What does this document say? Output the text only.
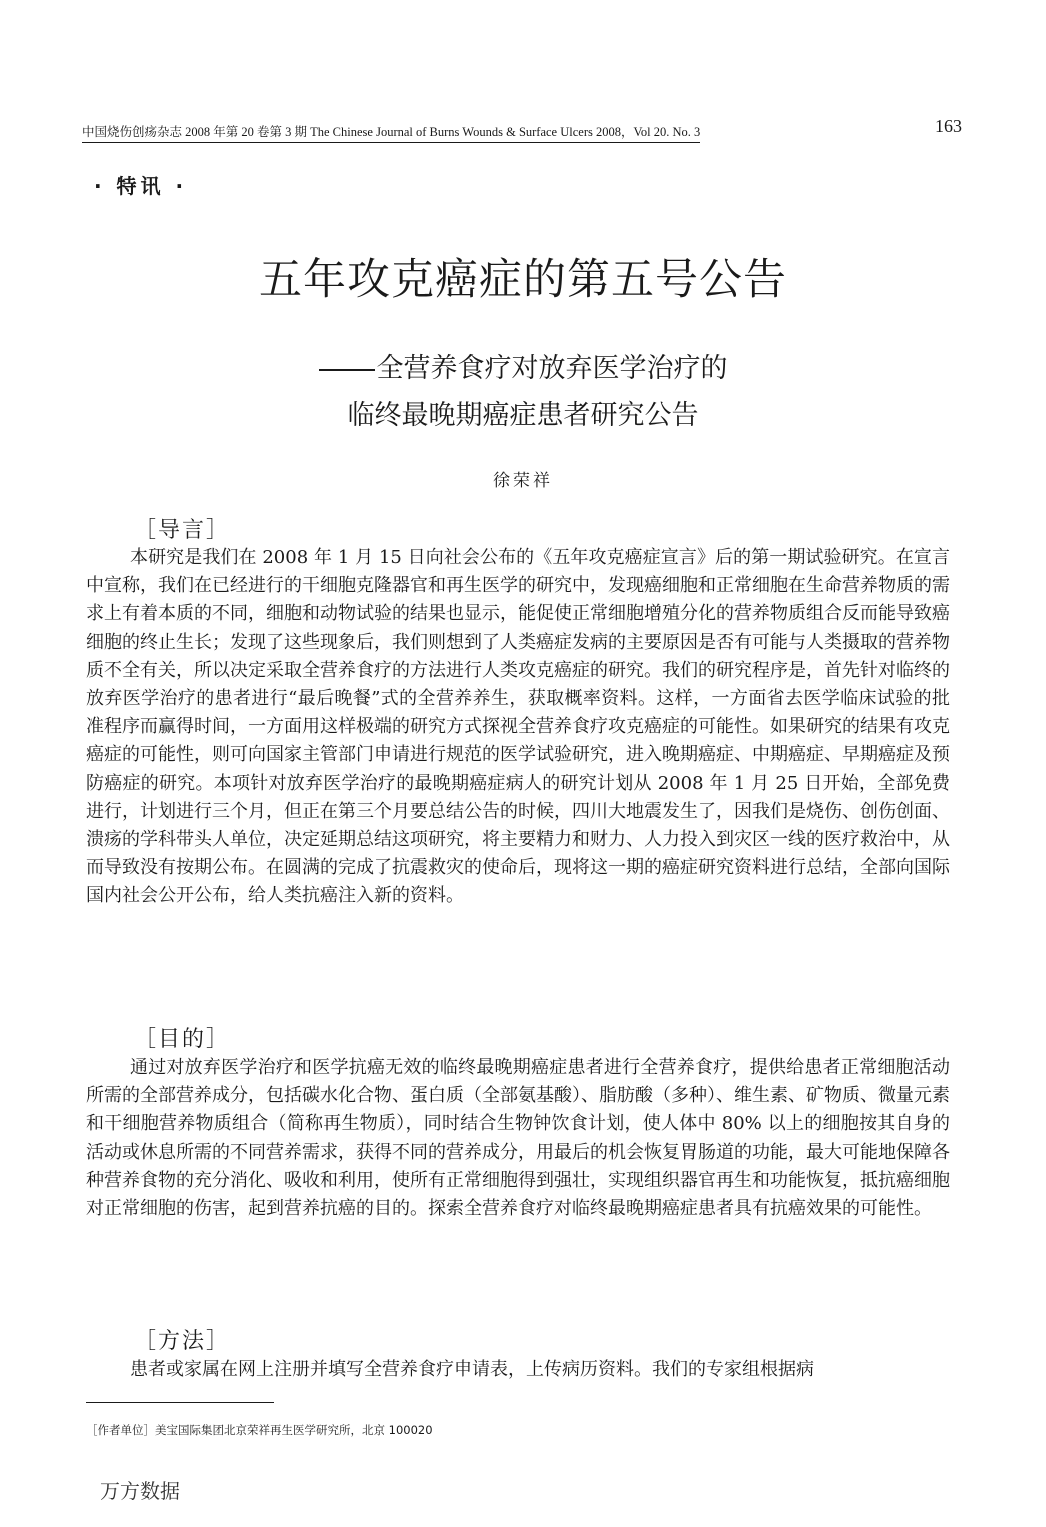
中国烧伤创疡杂志 2008 年第 20 卷第 3 期 The Chinese Journal of Burns Wounds & Surface Ulcers 2008，Vol 20. No. 3	163
· 特讯 ·
五年攻克癌症的第五号公告
全营养食疗对放弃医学治疗的
临终最晚期癌症患者研究公告
徐荣祥
［导言］

本研究是我们在 2008 年 1 月 15 日向社会公布的《五年攻克癌症宣言》后的第一期试验研究。在宣言中宣称，我们在已经进行的干细胞克隆器官和再生医学的研究中，发现癌细胞和正常细胞在生命营养物质的需求上有着本质的不同，细胞和动物试验的结果也显示，能促使正常细胞增殖分化的营养物质组合反而能导致癌细胞的终止生长；发现了这些现象后，我们则想到了人类癌症发病的主要原因是否有可能与人类摄取的营养物质不全有关，所以决定采取全营养食疗的方法进行人类攻克癌症的研究。我们的研究程序是，首先针对临终的放弃医学治疗的患者进行“最后晚餐”式的全营养养生，获取概率资料。这样，一方面省去医学临床试验的批准程序而赢得时间，一方面用这样极端的研究方式探视全营养食疗攻克癌症的可能性。如果研究的结果有攻克癌症的可能性，则可向国家主管部门申请进行规范的医学试验研究，进入晚期癌症、中期癌症、早期癌症及预防癌症的研究。本项针对放弃医学治疗的最晚期癌症病人的研究计划从 2008 年 1 月 25 日开始，全部免费进行，计划进行三个月，但正在第三个月要总结公告的时候，四川大地震发生了，因我们是烧伤、创伤创面、溃疡的学科带头人单位，决定延期总结这项研究，将主要精力和财力、人力投入到灾区一线的医疗救治中，从而导致没有按期公布。在圆满的完成了抗震救灾的使命后，现将这一期的癌症研究资料进行总结，全部向国际国内社会公开公布，给人类抗癌注入新的资料。

［目的］

通过对放弃医学治疗和医学抗癌无效的临终最晚期癌症患者进行全营养食疗，提供给患者正常细胞活动所需的全部营养成分，包括碳水化合物、蛋白质（全部氨基酸）、脂肪酸（多种）、维生素、矿物质、微量元素和干细胞营养物质组合（简称再生物质），同时结合生物钟饮食计划，使人体中 80% 以上的细胞按其自身的活动或休息所需的不同营养需求，获得不同的营养成分，用最后的机会恢复胃肠道的功能，最大可能地保障各种营养食物的充分消化、吸收和利用，使所有正常细胞得到强壮，实现组织器官再生和功能恢复，抵抗癌细胞对正常细胞的伤害，起到营养抗癌的目的。探索全营养食疗对临终最晚期癌症患者具有抗癌效果的可能性。

［方法］

患者或家属在网上注册并填写全营养食疗申请表，上传病历资料。我们的专家组根据病

［作者单位］美宝国际集团北京荣祥再生医学研究所，北京 100020
万方数据
